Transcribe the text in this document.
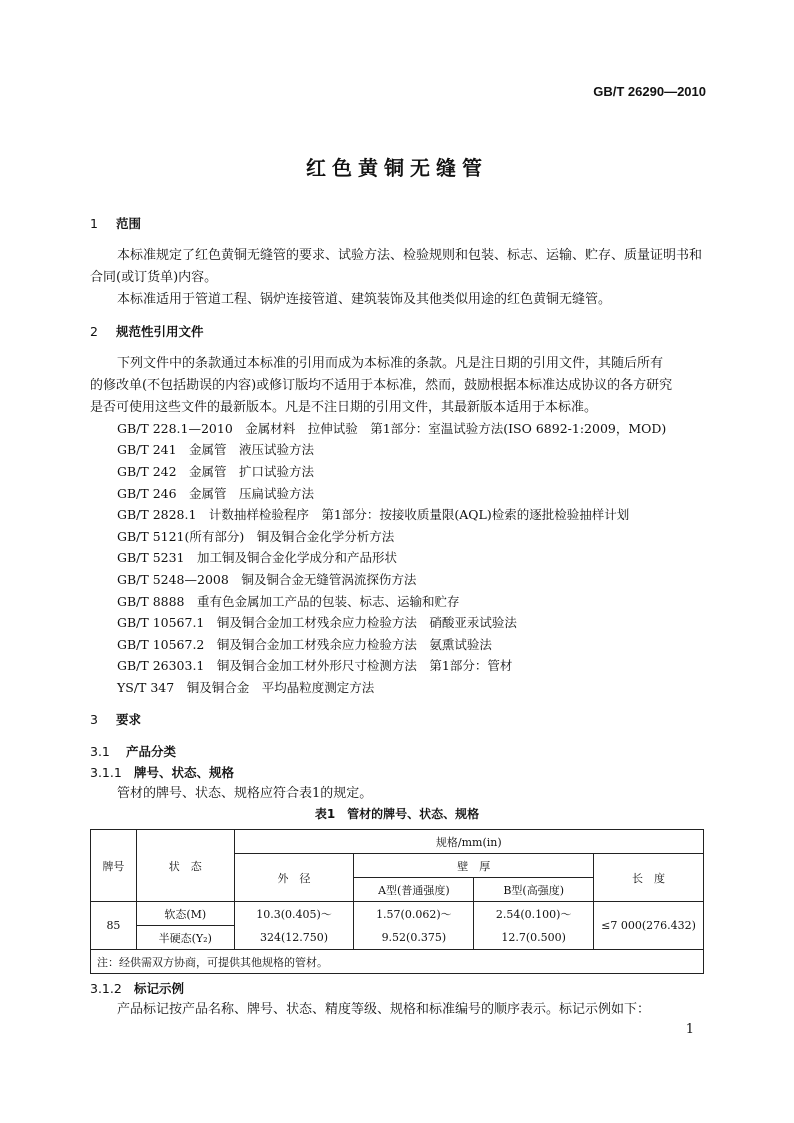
GB/T 26290—2010
红色黄铜无缝管
1 范围
本标准规定了红色黄铜无缝管的要求、试验方法、检验规则和包装、标志、运输、贮存、质量证明书和
合同(或订货单)内容。
本标准适用于管道工程、锅炉连接管道、建筑装饰及其他类似用途的红色黄铜无缝管。
2 规范性引用文件
下列文件中的条款通过本标准的引用而成为本标准的条款。凡是注日期的引用文件，其随后所有
的修改单(不包括勘误的内容)或修订版均不适用于本标准，然而，鼓励根据本标准达成协议的各方研究
是否可使用这些文件的最新版本。凡是不注日期的引用文件，其最新版本适用于本标准。
GB/T 228.1—2010　金属材料　拉伸试验　第1部分：室温试验方法(ISO 6892-1:2009，MOD)
GB/T 241　金属管　液压试验方法
GB/T 242　金属管　扩口试验方法
GB/T 246　金属管　压扁试验方法
GB/T 2828.1　计数抽样检验程序　第1部分：按接收质量限(AQL)检索的逐批检验抽样计划
GB/T 5121(所有部分)　铜及铜合金化学分析方法
GB/T 5231　加工铜及铜合金化学成分和产品形状
GB/T 5248—2008　铜及铜合金无缝管涡流探伤方法
GB/T 8888　重有色金属加工产品的包装、标志、运输和贮存
GB/T 10567.1　铜及铜合金加工材残余应力检验方法　硝酸亚汞试验法
GB/T 10567.2　铜及铜合金加工材残余应力检验方法　氨熏试验法
GB/T 26303.1　铜及铜合金加工材外形尺寸检测方法　第1部分：管材
YS/T 347　铜及铜合金　平均晶粒度测定方法
3 要求
3.1 产品分类
3.1.1 牌号、状态、规格
管材的牌号、状态、规格应符合表1的规定。
表1　管材的牌号、状态、规格
牌号	状　态	规格/mm(in)			
		外　径	壁　厚		长　度
			A型(普通强度)	B型(高强度)	
85	软态(M)	10.3(0.405)～	1.57(0.062)～	2.54(0.100)～	≤7 000(276.432)
	半硬态(Y₂)	324(12.750)	9.52(0.375)	12.7(0.500)	
注：经供需双方协商，可提供其他规格的管材。					
3.1.2 标记示例
产品标记按产品名称、牌号、状态、精度等级、规格和标准编号的顺序表示。标记示例如下：
1
